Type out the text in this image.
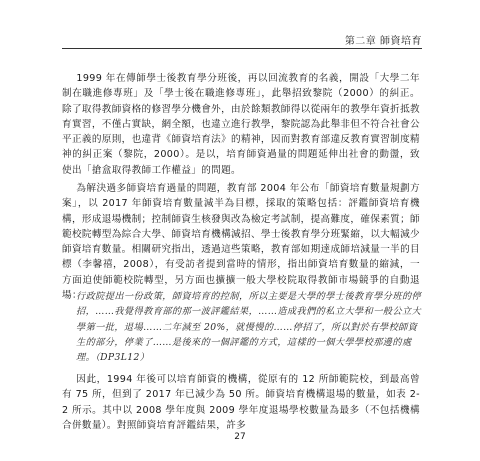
第二章 師資培育

1999 年在傳師學士後教育學分班後，再以回流教育的名義，開設「大學二年制在職進修專班」及「學士後在職進修專班」，此舉招致黎院（2000）的糾正。除了取得教師資格的修習學分機會外，由於餘類教師得以從兩年的教學年資折抵教育實習，不僅占實缺，網全額，也違立進行教學，黎院認為此舉非但不符合社會公平正義的原則，也違背《師資培育法》的精神，因而對教育部違反教育實習制度精神的糾正案（黎院，2000）。是以，培育師資過量的問題延伸出社會的動盪，致使出「搶盒取得教師工作權益」的問題。

為解決過多師資培育過量的問題，教育部 2004 年公布「師資培育數量規劃方案」，以 2017 年師資培育數量減半為目標，採取的策略包括：評鑑師資培育機構，形成退場機制；控制師資生核發與改為檢定考試制，提高難度，確保素質；師範校院轉型為綜合大學、師資培育機構減招、學士後教育學分班緊縮，以大幅減少師資培育數量。相關研究指出，透過這些策略，教育部如期達成師培減量一半的目標（李馨禧，2008），有受訪者提到當時的情形，指出師資培育數量的縮減，一方面迫使師範校院轉型，另方面也擴擴一般大學校院取得教師市場競爭的自動退場：

行政院提出一份政策，師資培育的控制，所以主要是大學的學士後教育學分班的停招，……我覺得教育部的那一波評鑑結果，……造成我們的私立大學和一般公立大學第一批，退場……二年減至 20%，就慢慢的……停招了，所以對於有學校師資生的部分，停業了……是後來的一個評鑑的方式，這樣的一個大學學校那邊的處理。（DP3L12）

因此，1994 年後可以培育師資的機構，從原有的 12 所師範院校，到最高曾有 75 所，但到了 2017 年已減少為 50 所。師資培育機構退場的數量，如表 2-2 所示。其中以 2008 學年度與 2009 學年度退場學校數量為最多（不包括機構合併數量）。對照師資培育評鑑結果，許多

27
